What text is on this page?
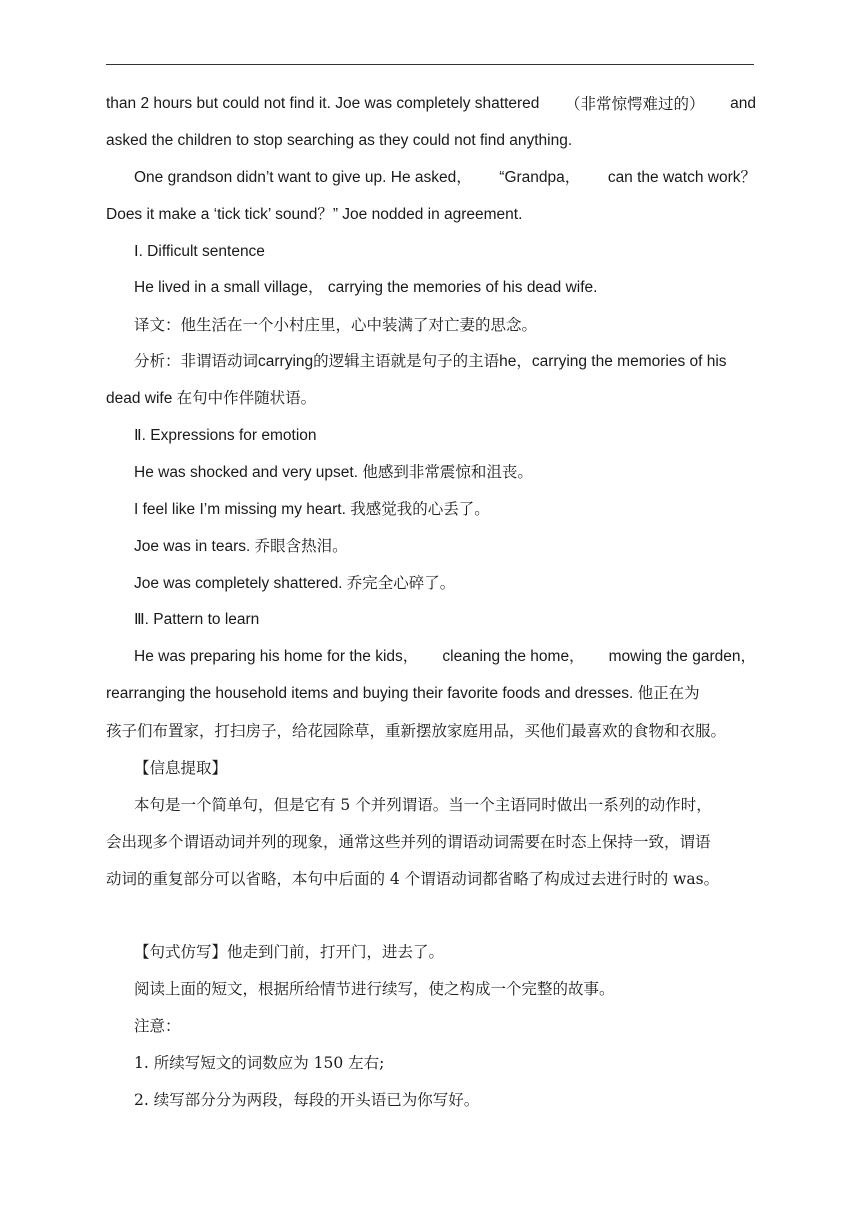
than 2 hours but could not find it. Joe was completely shattered （非常惊愕难过的） and
asked the children to stop searching as they could not find anything.
One grandson didn’t want to give up. He asked， “Grandpa， can the watch work？
Does it make a ‘tick tick’ sound？” Joe nodded in agreement.
Ⅰ. Difficult sentence
He lived in a small village， carrying the memories of his dead wife.
译文：他生活在一个小村庄里，心中装满了对亡妻的思念。
分析：非谓语动词carrying的逻辑主语就是句子的主语he，carrying the memories of his
dead wife 在句中作伴随状语。
Ⅱ. Expressions for emotion
He was shocked and very upset. 他感到非常震惊和沮丧。
I feel like I’m missing my heart. 我感觉我的心丢了。
Joe was in tears. 乔眼含热泪。
Joe was completely shattered. 乔完全心碎了。
Ⅲ. Pattern to learn
He was preparing his home for the kids， cleaning the home， mowing the garden，
rearranging the household items and buying their favorite foods and dresses. 他正在为
孩子们布置家，打扫房子，给花园除草，重新摆放家庭用品，买他们最喜欢的食物和衣服。
【信息提取】
本句是一个简单句，但是它有 5 个并列谓语。当一个主语同时做出一系列的动作时，
会出现多个谓语动词并列的现象，通常这些并列的谓语动词需要在时态上保持一致，谓语
动词的重复部分可以省略，本句中后面的 4 个谓语动词都省略了构成过去进行时的 was。
【句式仿写】他走到门前，打开门，进去了。
阅读上面的短文，根据所给情节进行续写，使之构成一个完整的故事。
注意：
1. 所续写短文的词数应为 150 左右;
2. 续写部分分为两段，每段的开头语已为你写好。
